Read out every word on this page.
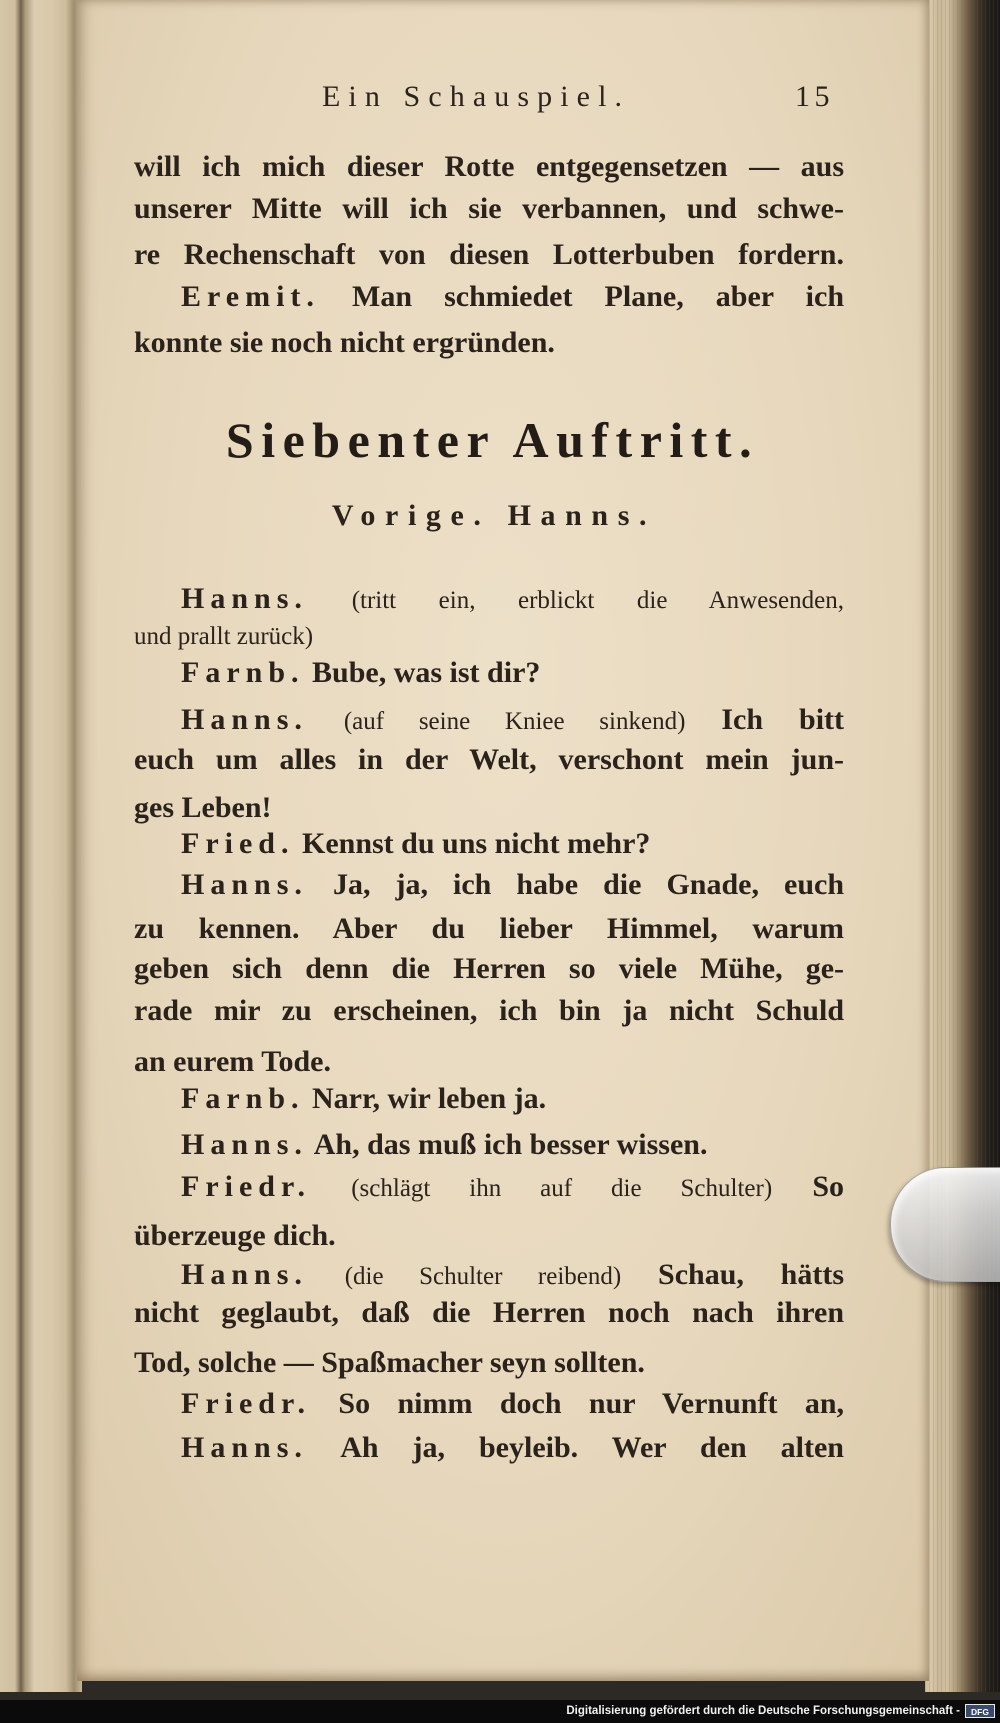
Ein Schauspiel.	15
will ich mich dieser Rotte entgegensetzen — aus
unserer Mitte will ich sie verbannen, und schwe-
re Rechenschaft von diesen Lotterbuben fordern.
Eremit. Man schmiedet Plane, aber ich
konnte sie noch nicht ergründen.
Siebenter Auftritt.
Vorige. Hanns.
Hanns. (tritt ein, erblickt die Anwesenden,
und prallt zurück)
Farnb. Bube, was ist dir?
Hanns. (auf seine Kniee sinkend) Ich bitt
euch um alles in der Welt, verschont mein jun-
ges Leben!
Fried. Kennst du uns nicht mehr?
Hanns. Ja, ja, ich habe die Gnade, euch
zu kennen. Aber du lieber Himmel, warum
geben sich denn die Herren so viele Mühe, ge-
rade mir zu erscheinen, ich bin ja nicht Schuld
an eurem Tode.
Farnb. Narr, wir leben ja.
Hanns. Ah, das muß ich besser wissen.
Friedr. (schlägt ihn auf die Schulter) So
überzeuge dich.
Hanns. (die Schulter reibend) Schau, hätts
nicht geglaubt, daß die Herren noch nach ihren
Tod, solche — Spaßmacher seyn sollten.
Friedr. So nimm doch nur Vernunft an,
Hanns. Ah ja, beyleib. Wer den alten
Digitalisierung gefördert durch die Deutsche Forschungsgemeinschaft -	DFG
